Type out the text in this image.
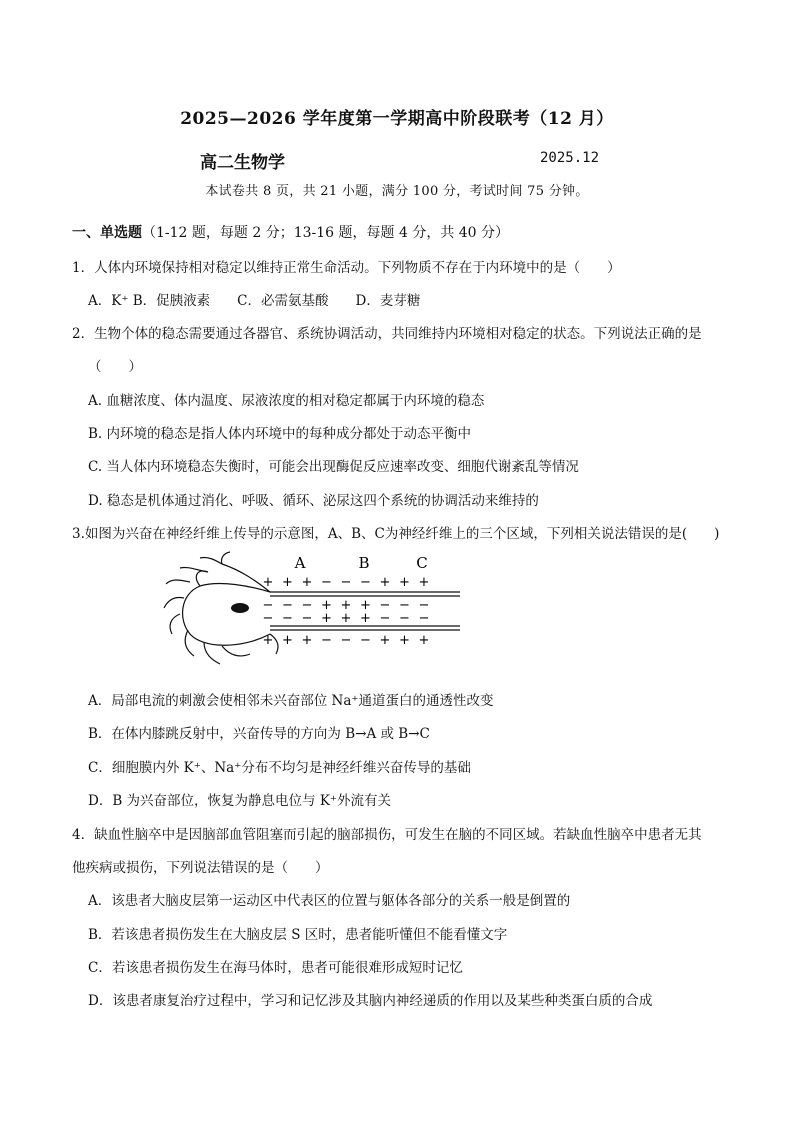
2025—2026 学年度第一学期高中阶段联考（12 月）
高二生物学	2025.12
本试卷共 8 页，共 21 小题，满分 100 分，考试时间 75 分钟。
一、单选题（1-12 题，每题 2 分；13-16 题，每题 4 分，共 40 分）
1．人体内环境保持相对稳定以维持正常生命活动。下列物质不存在于内环境中的是（　　）
A．K⁺ B．促胰液素　　C．必需氨基酸　　D．麦芽糖
2．生物个体的稳态需要通过各器官、系统协调活动，共同维持内环境相对稳定的状态。下列说法正确的是
（　　）
A. 血糖浓度、体内温度、尿液浓度的相对稳定都属于内环境的稳态
B. 内环境的稳态是指人体内环境中的每种成分都处于动态平衡中
C. 当人体内环境稳态失衡时，可能会出现酶促反应速率改变、细胞代谢紊乱等情况
D. 稳态是机体通过消化、呼吸、循环、泌尿这四个系统的协调活动来维持的
3.如图为兴奋在神经纤维上传导的示意图，A、B、C为神经纤维上的三个区域，下列相关说法错误的是(　　)
A	B	C
+ + + − − − + + +
− − − + + + − − −
− − − + + + − − −
+ + + − − − + + +
A．局部电流的刺激会使相邻未兴奋部位 Na⁺通道蛋白的通透性改变
B．在体内膝跳反射中，兴奋传导的方向为 B→A 或 B→C
C．细胞膜内外 K⁺、Na⁺分布不均匀是神经纤维兴奋传导的基础
D．B 为兴奋部位，恢复为静息电位与 K⁺外流有关
4．缺血性脑卒中是因脑部血管阻塞而引起的脑部损伤，可发生在脑的不同区域。若缺血性脑卒中患者无其
他疾病或损伤，下列说法错误的是（　　）
A．该患者大脑皮层第一运动区中代表区的位置与躯体各部分的关系一般是倒置的
B．若该患者损伤发生在大脑皮层 S 区时，患者能听懂但不能看懂文字
C．若该患者损伤发生在海马体时，患者可能很难形成短时记忆
D．该患者康复治疗过程中，学习和记忆涉及其脑内神经递质的作用以及某些种类蛋白质的合成
